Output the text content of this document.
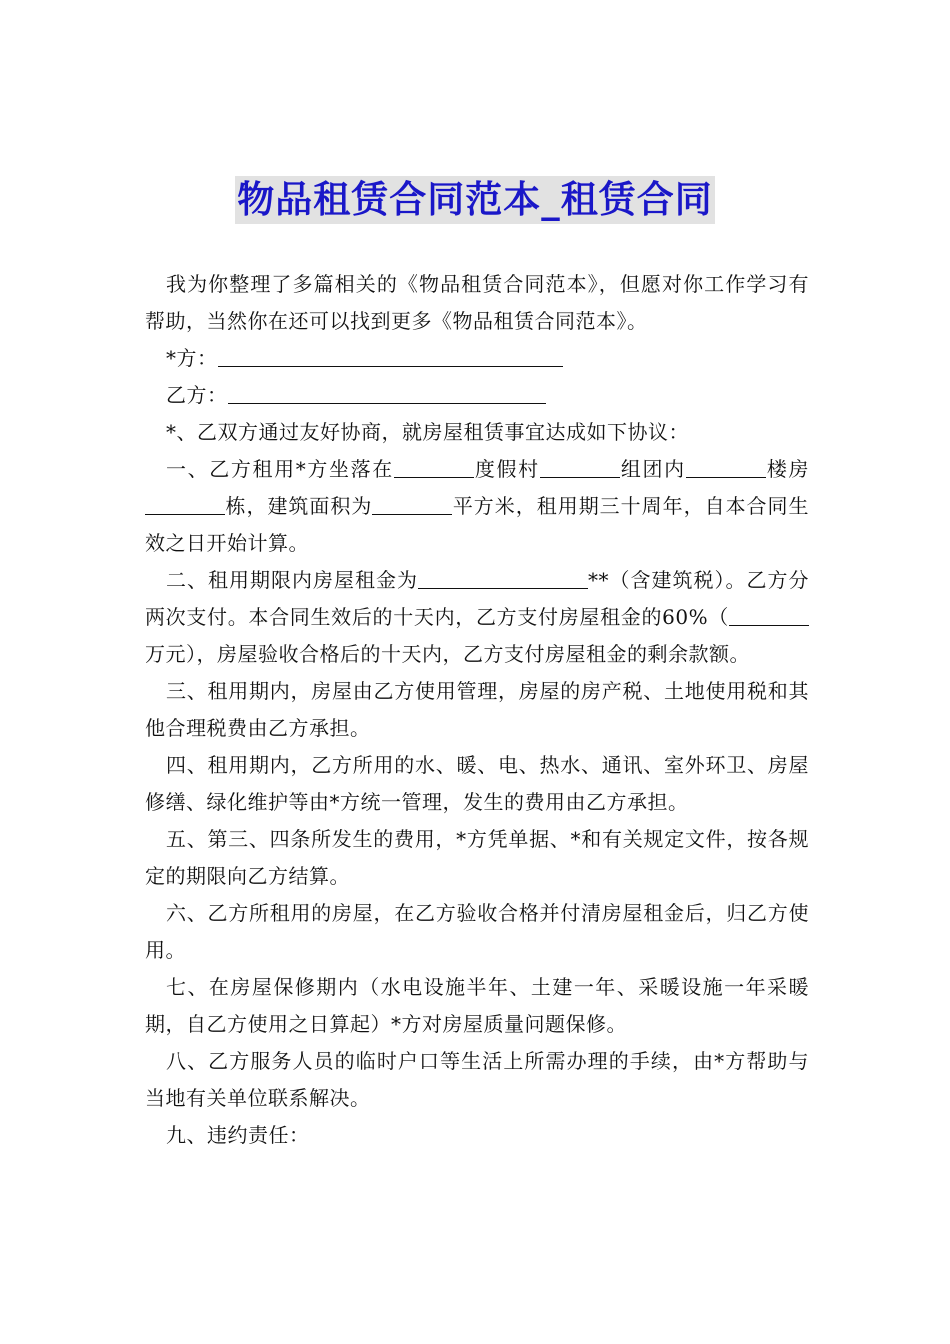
物品租赁合同范本_租赁合同

我为你整理了多篇相关的《物品租赁合同范本》，但愿对你工作学习有帮助，当然你在还可以找到更多《物品租赁合同范本》。

*方：

乙方：

*、乙双方通过友好协商，就房屋租赁事宜达成如下协议：

一、乙方租用*方坐落在	度假村	组团内	楼房栋，建筑面积为	平方米，租用期三十周年，自本合同生效之日开始计算。

二、租用期限内房屋租金为	**（含建筑税）。乙方分两次支付。本合同生效后的十天内，乙方支付房屋租金的60%（万元），房屋验收合格后的十天内，乙方支付房屋租金的剩余款额。

三、租用期内，房屋由乙方使用管理，房屋的房产税、土地使用税和其他合理税费由乙方承担。

四、租用期内，乙方所用的水、暖、电、热水、通讯、室外环卫、房屋修缮、绿化维护等由*方统一管理，发生的费用由乙方承担。

五、第三、四条所发生的费用，*方凭单据、*和有关规定文件，按各规定的期限向乙方结算。

六、乙方所租用的房屋，在乙方验收合格并付清房屋租金后，归乙方使用。

七、在房屋保修期内（水电设施半年、土建一年、采暖设施一年采暖期，自乙方使用之日算起）*方对房屋质量问题保修。

八、乙方服务人员的临时户口等生活上所需办理的手续，由*方帮助与当地有关单位联系解决。

九、违约责任：
